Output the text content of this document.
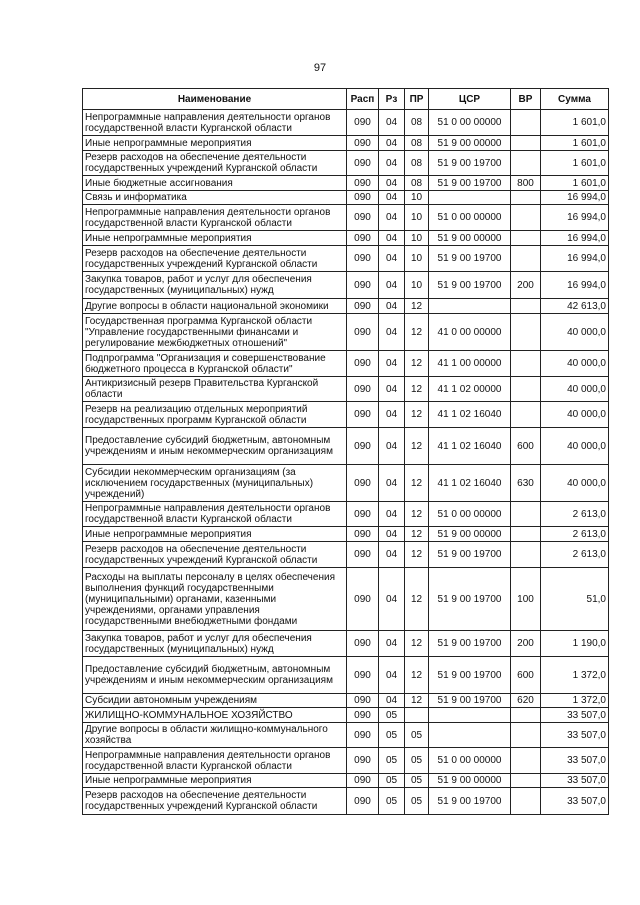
97
Наименование	Расп	Рз	ПР	ЦСР	ВР	Сумма
Непрограммные направления деятельности органов государственной власти Курганской области	090	04	08	51 0 00 00000		1 601,0
Иные непрограммные мероприятия	090	04	08	51 9 00 00000		1 601,0
Резерв расходов на обеспечение деятельности государственных учреждений Курганской области	090	04	08	51 9 00 19700		1 601,0
Иные бюджетные ассигнования	090	04	08	51 9 00 19700	800	1 601,0
Связь и информатика	090	04	10			16 994,0
Непрограммные направления деятельности органов государственной власти Курганской области	090	04	10	51 0 00 00000		16 994,0
Иные непрограммные мероприятия	090	04	10	51 9 00 00000		16 994,0
Резерв расходов на обеспечение деятельности государственных учреждений Курганской области	090	04	10	51 9 00 19700		16 994,0
Закупка товаров, работ и услуг для обеспечения государственных (муниципальных) нужд	090	04	10	51 9 00 19700	200	16 994,0
Другие вопросы в области национальной экономики	090	04	12			42 613,0
Государственная программа Курганской области "Управление государственными финансами и регулирование межбюджетных отношений"	090	04	12	41 0 00 00000		40 000,0
Подпрограмма "Организация и совершенствование бюджетного процесса в Курганской области"	090	04	12	41 1 00 00000		40 000,0
Антикризисный резерв Правительства Курганской области	090	04	12	41 1 02 00000		40 000,0
Резерв на реализацию отдельных мероприятий государственных программ Курганской области	090	04	12	41 1 02 16040		40 000,0
Предоставление субсидий бюджетным, автономным учреждениям и иным некоммерческим организациям	090	04	12	41 1 02 16040	600	40 000,0
Субсидии некоммерческим организациям (за исключением государственных (муниципальных) учреждений)	090	04	12	41 1 02 16040	630	40 000,0
Непрограммные направления деятельности органов государственной власти Курганской области	090	04	12	51 0 00 00000		2 613,0
Иные непрограммные мероприятия	090	04	12	51 9 00 00000		2 613,0
Резерв расходов на обеспечение деятельности государственных учреждений Курганской области	090	04	12	51 9 00 19700		2 613,0
Расходы на выплаты персоналу в целях обеспечения выполнения функций государственными (муниципальными) органами, казенными учреждениями, органами управления государственными внебюджетными фондами	090	04	12	51 9 00 19700	100	51,0
Закупка товаров, работ и услуг для обеспечения государственных (муниципальных) нужд	090	04	12	51 9 00 19700	200	1 190,0
Предоставление субсидий бюджетным, автономным учреждениям и иным некоммерческим организациям	090	04	12	51 9 00 19700	600	1 372,0
Субсидии автономным учреждениям	090	04	12	51 9 00 19700	620	1 372,0
ЖИЛИЩНО-КОММУНАЛЬНОЕ ХОЗЯЙСТВО	090	05				33 507,0
Другие вопросы в области жилищно-коммунального хозяйства	090	05	05			33 507,0
Непрограммные направления деятельности органов государственной власти Курганской области	090	05	05	51 0 00 00000		33 507,0
Иные непрограммные мероприятия	090	05	05	51 9 00 00000		33 507,0
Резерв расходов на обеспечение деятельности государственных учреждений Курганской области	090	05	05	51 9 00 19700		33 507,0
